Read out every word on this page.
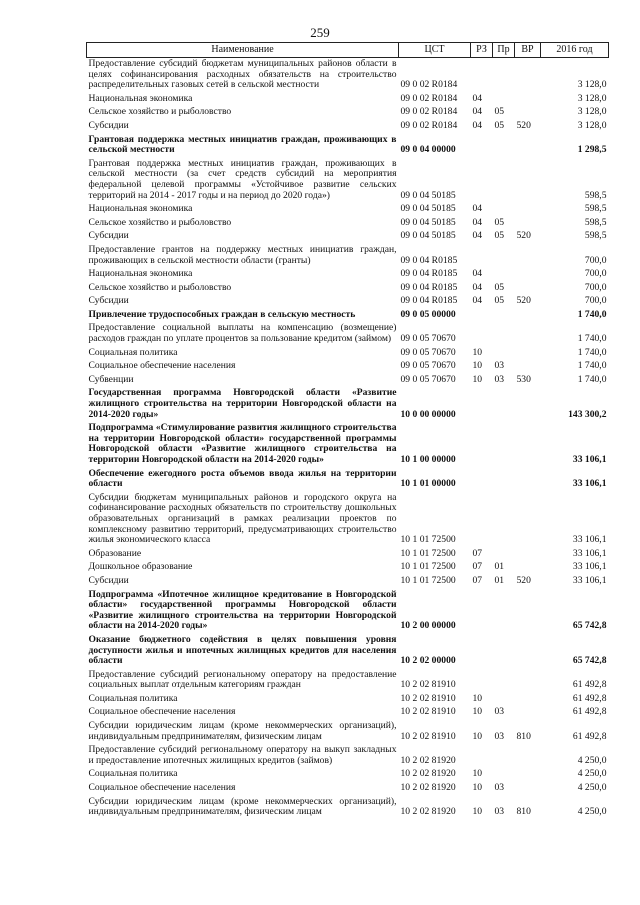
259
Наименование	ЦСТ	РЗ	Пр	ВР	2016 год
Предоставление субсидий бюджетам муниципальных районов области в целях софинансирования расходных обязательств на строительство распределительных газовых сетей в сельской местности	09 0 02 R0184				3 128,0
Национальная экономика	09 0 02 R0184	04			3 128,0
Сельское хозяйство и рыболовство	09 0 02 R0184	04	05		3 128,0
Субсидии	09 0 02 R0184	04	05	520	3 128,0
Грантовая поддержка местных инициатив граждан, проживающих в сельской местности	09 0 04 00000				1 298,5
Грантовая поддержка местных инициатив граждан, проживающих в сельской местности (за счет средств субсидий на мероприятия федеральной целевой программы «Устойчивое развитие сельских территорий на 2014 - 2017 годы и на период до 2020 года»)	09 0 04 50185				598,5
Национальная экономика	09 0 04 50185	04			598,5
Сельское хозяйство и рыболовство	09 0 04 50185	04	05		598,5
Субсидии	09 0 04 50185	04	05	520	598,5
Предоставление грантов на поддержку местных инициатив граждан, проживающих в сельской местности области (гранты)	09 0 04 R0185				700,0
Национальная экономика	09 0 04 R0185	04			700,0
Сельское хозяйство и рыболовство	09 0 04 R0185	04	05		700,0
Субсидии	09 0 04 R0185	04	05	520	700,0
Привлечение трудоспособных граждан в сельскую местность	09 0 05 00000				1 740,0
Предоставление социальной выплаты на компенсацию (возмещение) расходов граждан по уплате процентов за пользование кредитом (займом)	09 0 05 70670				1 740,0
Социальная политика	09 0 05 70670	10			1 740,0
Социальное обеспечение населения	09 0 05 70670	10	03		1 740,0
Субвенции	09 0 05 70670	10	03	530	1 740,0
Государственная программа Новгородской области «Развитие жилищного строительства на территории Новгородской области на 2014-2020 годы»	10 0 00 00000				143 300,2
Подпрограмма «Стимулирование развития жилищного строительства на территории Новгородской области» государственной программы Новгородской области «Развитие жилищного строительства на территории Новгородской области на 2014-2020 годы»	10 1 00 00000				33 106,1
Обеспечение ежегодного роста объемов ввода жилья на территории области	10 1 01 00000				33 106,1
Субсидии бюджетам муниципальных районов и городского округа на софинансирование расходных обязательств по строительству дошкольных образовательных организаций в рамках реализации проектов по комплексному развитию территорий, предусматривающих строительство жилья экономического класса	10 1 01 72500				33 106,1
Образование	10 1 01 72500	07			33 106,1
Дошкольное образование	10 1 01 72500	07	01		33 106,1
Субсидии	10 1 01 72500	07	01	520	33 106,1
Подпрограмма «Ипотечное жилищное кредитование в Новгородской области» государственной программы Новгородской области «Развитие жилищного строительства на территории Новгородской области на 2014-2020 годы»	10 2 00 00000				65 742,8
Оказание бюджетного содействия в целях повышения уровня доступности жилья и ипотечных жилищных кредитов для населения области	10 2 02 00000				65 742,8
Предоставление субсидий региональному оператору на предоставление социальных выплат отдельным категориям граждан	10 2 02 81910				61 492,8
Социальная политика	10 2 02 81910	10			61 492,8
Социальное обеспечение населения	10 2 02 81910	10	03		61 492,8
Субсидии юридическим лицам (кроме некоммерческих организаций), индивидуальным предпринимателям, физическим лицам	10 2 02 81910	10	03	810	61 492,8
Предоставление субсидий региональному оператору на выкуп закладных и предоставление ипотечных жилищных кредитов (займов)	10 2 02 81920				4 250,0
Социальная политика	10 2 02 81920	10			4 250,0
Социальное обеспечение населения	10 2 02 81920	10	03		4 250,0
Субсидии юридическим лицам (кроме некоммерческих организаций), индивидуальным предпринимателям, физическим лицам	10 2 02 81920	10	03	810	4 250,0
